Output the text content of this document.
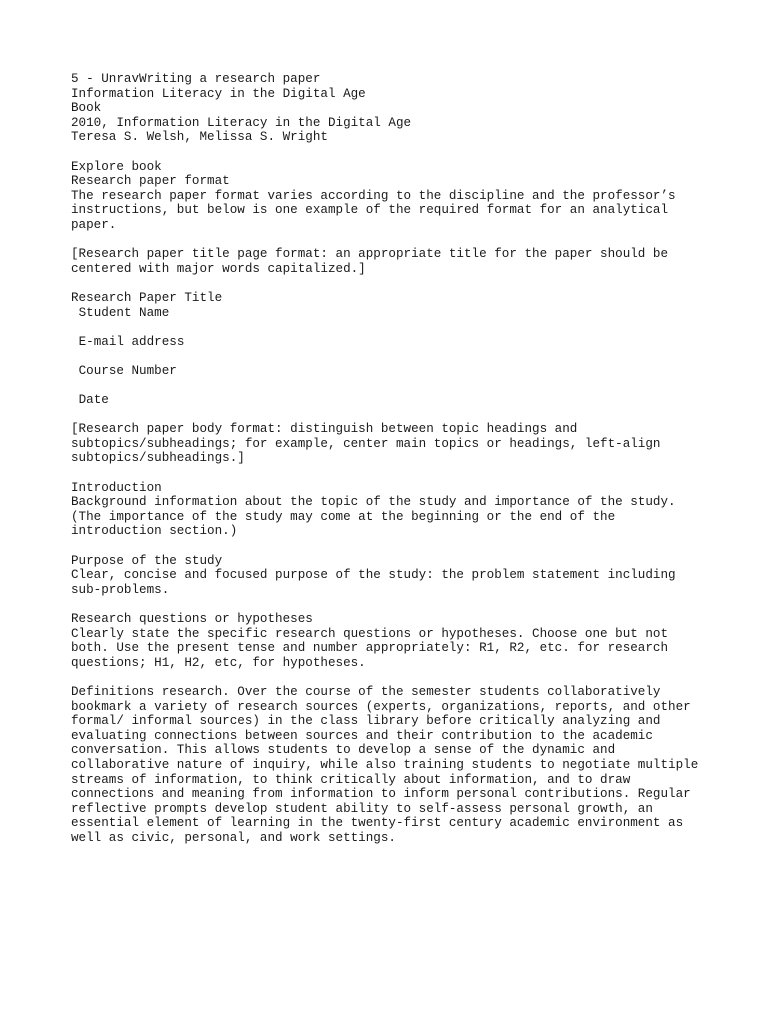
5 - UnravWriting a research paper
Information Literacy in the Digital Age
Book
2010, Information Literacy in the Digital Age
Teresa S. Welsh, Melissa S. Wright
Explore book
Research paper format
The research paper format varies according to the discipline and the professor’s
instructions, but below is one example of the required format for an analytical
paper.
[Research paper title page format: an appropriate title for the paper should be
centered with major words capitalized.]
Research Paper Title
Student Name
E-mail address
Course Number
Date
[Research paper body format: distinguish between topic headings and
subtopics/subheadings; for example, center main topics or headings, left-align
subtopics/subheadings.]
Introduction
Background information about the topic of the study and importance of the study.
(The importance of the study may come at the beginning or the end of the
introduction section.)
Purpose of the study
Clear, concise and focused purpose of the study: the problem statement including
sub-problems.
Research questions or hypotheses
Clearly state the specific research questions or hypotheses. Choose one but not
both. Use the present tense and number appropriately: R1, R2, etc. for research
questions; H1, H2, etc, for hypotheses.
Definitions research. Over the course of the semester students collaboratively
bookmark a variety of research sources (experts, organizations, reports, and other
formal/ informal sources) in the class library before critically analyzing and
evaluating connections between sources and their contribution to the academic
conversation. This allows students to develop a sense of the dynamic and
collaborative nature of inquiry, while also training students to negotiate multiple
streams of information, to think critically about information, and to draw
connections and meaning from information to inform personal contributions. Regular
reflective prompts develop student ability to self-assess personal growth, an
essential element of learning in the twenty-first century academic environment as
well as civic, personal, and work settings.
